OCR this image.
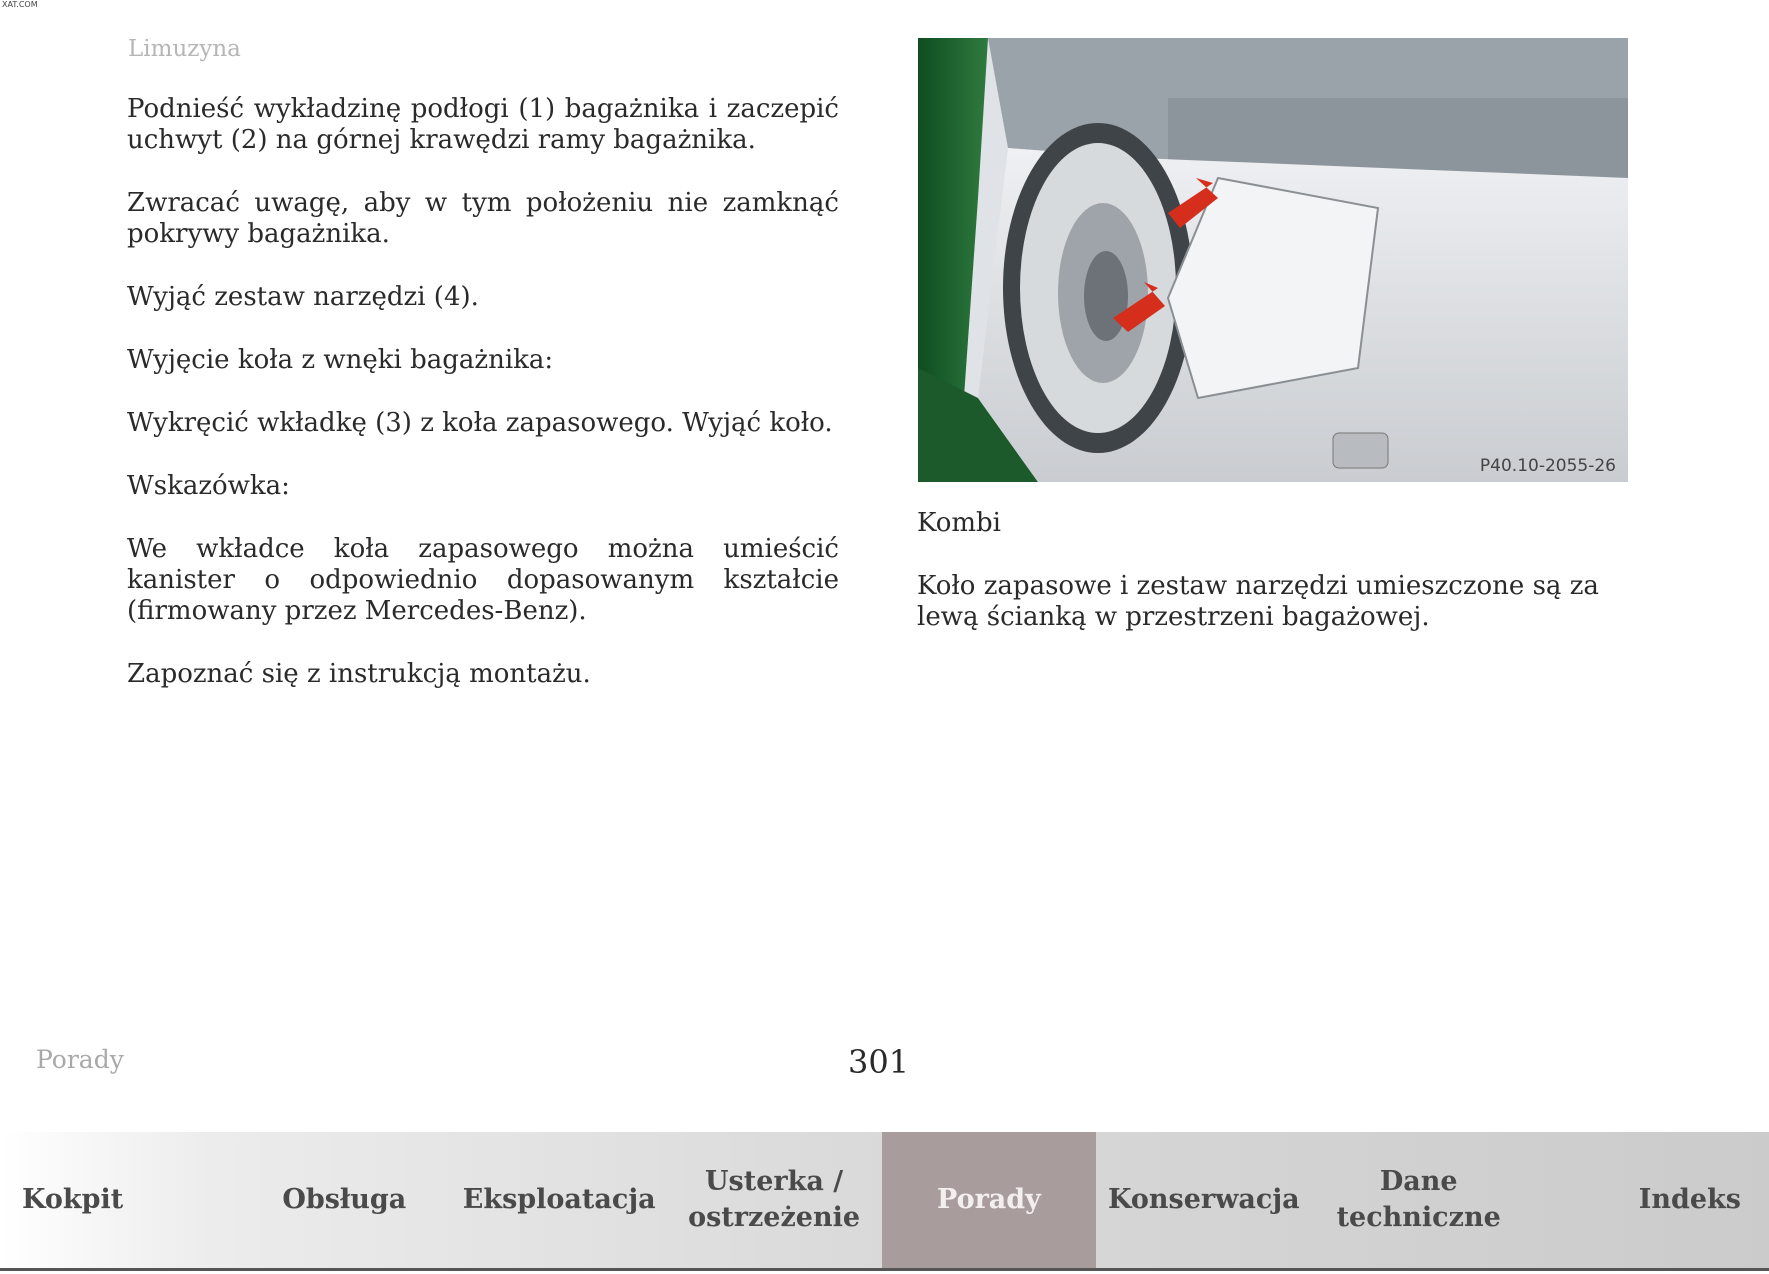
XAT.COM
Limuzyna

Podnieść wykładzinę podłogi (1) bagażnika i zaczepić uchwyt (2) na górnej krawędzi ramy bagażnika.

Zwracać uwagę, aby w tym położeniu nie zamknąć pokrywy bagażnika.

Wyjąć zestaw narzędzi (4).

Wyjęcie koła z wnęki bagażnika:

Wykręcić wkładkę (3) z koła zapasowego. Wyjąć koło.

Wskazówka:

We wkładce koła zapasowego można umieścić kanister o odpowiednio dopasowanym kształcie (firmowany przez Mercedes-Benz).

Zapoznać się z instrukcją montażu.

P40.10-2055-26
Kombi

Koło zapasowe i zestaw narzędzi umieszczone są za lewą ścianką w przestrzeni bagażowej.

Porady	301
Kokpit	Obsługa	Eksploatacja
Usterka / ostrzeżenie
Porady	Konserwacja
Dane techniczne
Indeks
